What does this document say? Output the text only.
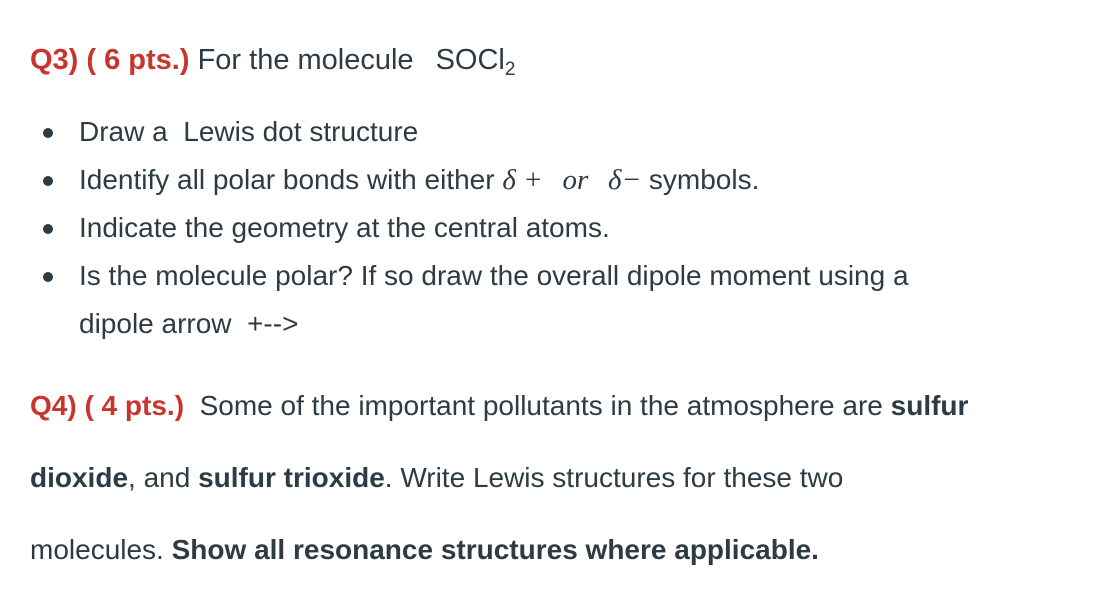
Q3) ( 6 pts.) For the molecule SOCl$_2$
Draw a  Lewis dot structure
Identify all polar bonds with either δ + or δ− symbols.
Indicate the geometry at the central atoms.
Is the molecule polar? If so draw the overall dipole moment using a
dipole arrow  +-->
Q4) ( 4 pts.) Some of the important pollutants in the atmosphere are sulfur
dioxide, and sulfur trioxide. Write Lewis structures for these two
molecules. Show all resonance structures where applicable.
